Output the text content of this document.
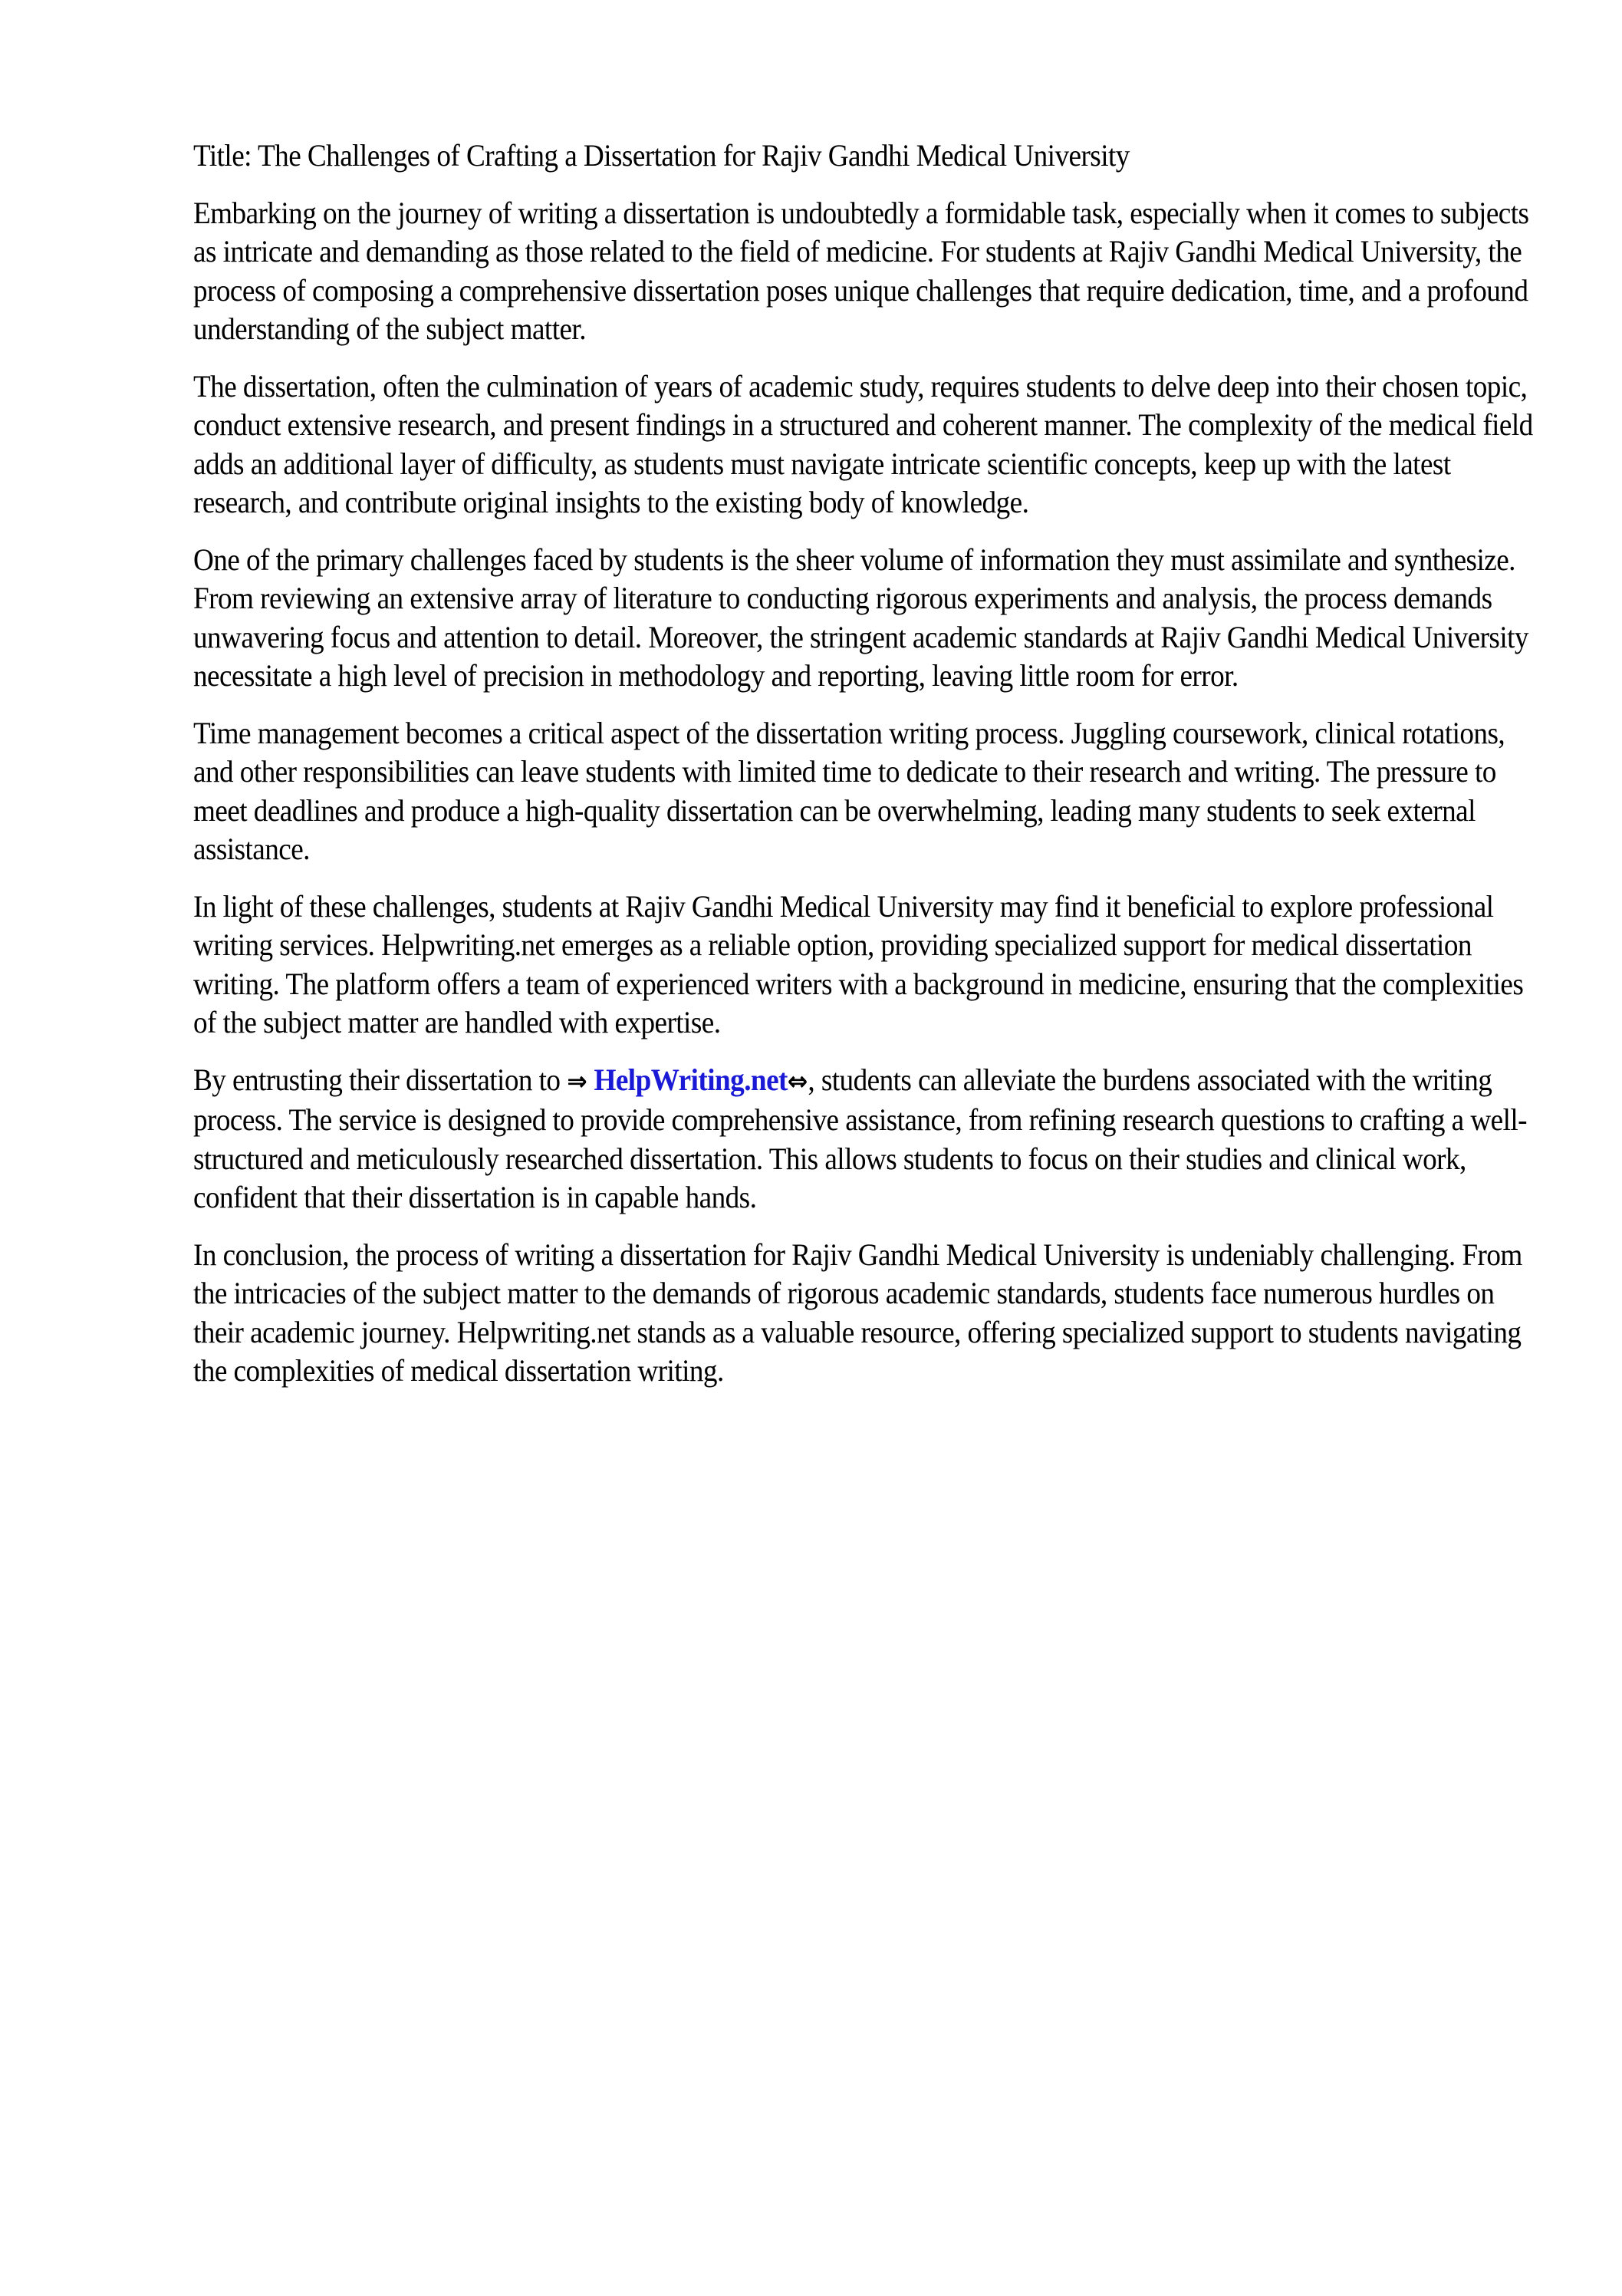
Title: The Challenges of Crafting a Dissertation for Rajiv Gandhi Medical University

Embarking on the journey of writing a dissertation is undoubtedly a formidable task, especially when it comes to subjects as intricate and demanding as those related to the field of medicine. For students at Rajiv Gandhi Medical University, the process of composing a comprehensive dissertation poses unique challenges that require dedication, time, and a profound understanding of the subject matter.

The dissertation, often the culmination of years of academic study, requires students to delve deep into their chosen topic, conduct extensive research, and present findings in a structured and coherent manner. The complexity of the medical field adds an additional layer of difficulty, as students must navigate intricate scientific concepts, keep up with the latest research, and contribute original insights to the existing body of knowledge.

One of the primary challenges faced by students is the sheer volume of information they must assimilate and synthesize. From reviewing an extensive array of literature to conducting rigorous experiments and analysis, the process demands unwavering focus and attention to detail. Moreover, the stringent academic standards at Rajiv Gandhi Medical University necessitate a high level of precision in methodology and reporting, leaving little room for error.

Time management becomes a critical aspect of the dissertation writing process. Juggling coursework, clinical rotations, and other responsibilities can leave students with limited time to dedicate to their research and writing. The pressure to meet deadlines and produce a high-quality dissertation can be overwhelming, leading many students to seek external assistance.

In light of these challenges, students at Rajiv Gandhi Medical University may find it beneficial to explore professional writing services. Helpwriting.net emerges as a reliable option, providing specialized support for medical dissertation writing. The platform offers a team of experienced writers with a background in medicine, ensuring that the complexities of the subject matter are handled with expertise.

By entrusting their dissertation to ⇒ HelpWriting.net⇔, students can alleviate the burdens associated with the writing process. The service is designed to provide comprehensive assistance, from refining research questions to crafting a well-structured and meticulously researched dissertation. This allows students to focus on their studies and clinical work, confident that their dissertation is in capable hands.

In conclusion, the process of writing a dissertation for Rajiv Gandhi Medical University is undeniably challenging. From the intricacies of the subject matter to the demands of rigorous academic standards, students face numerous hurdles on their academic journey. Helpwriting.net stands as a valuable resource, offering specialized support to students navigating the complexities of medical dissertation writing.
